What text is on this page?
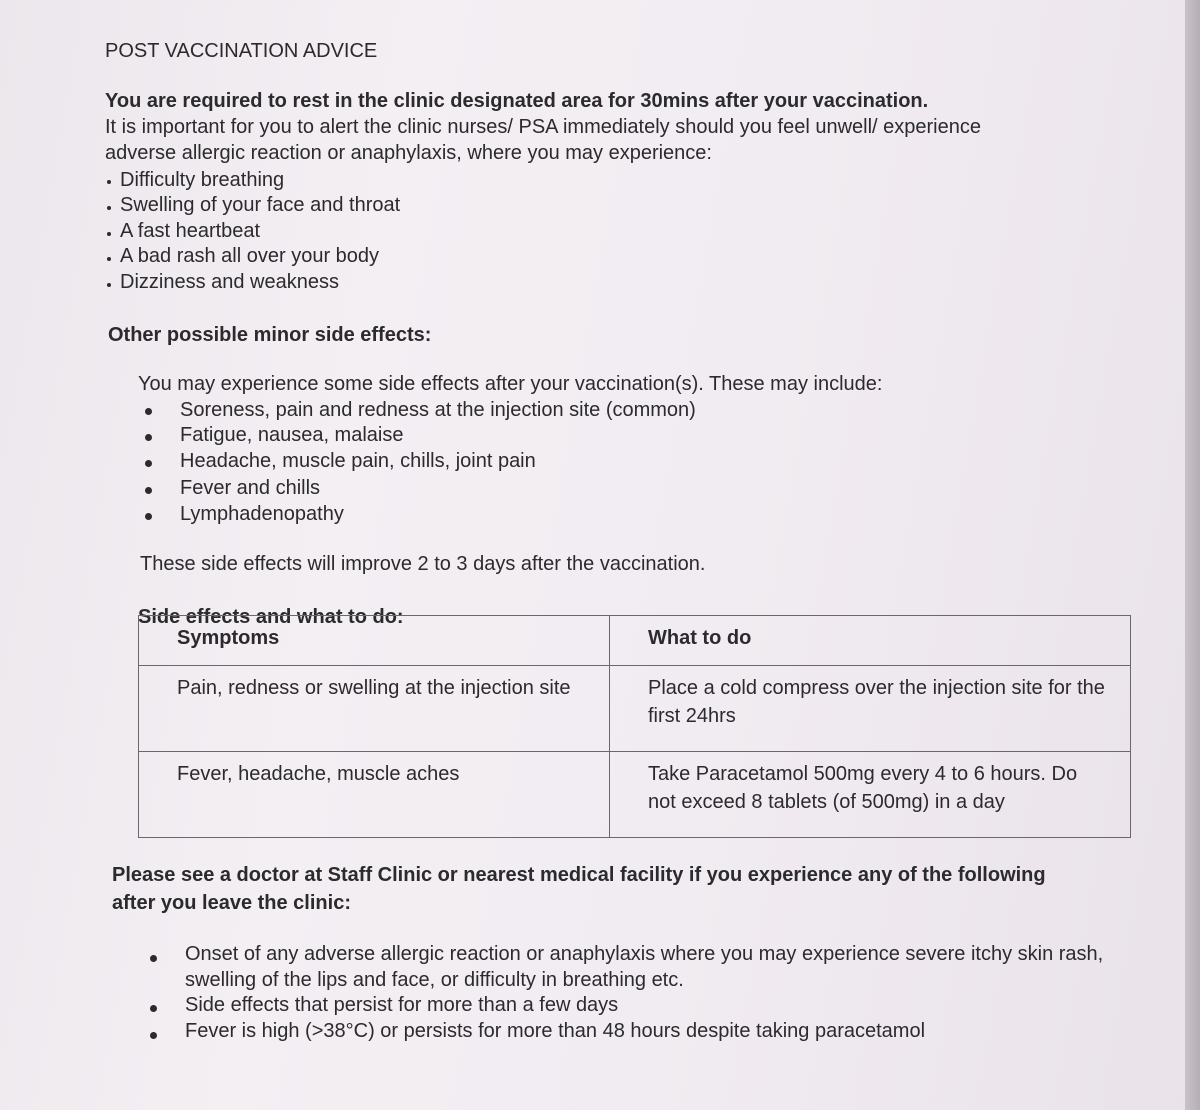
POST VACCINATION ADVICE
You are required to rest in the clinic designated area for 30mins after your vaccination.
It is important for you to alert the clinic nurses/ PSA immediately should you feel unwell/ experience
adverse allergic reaction or anaphylaxis, where you may experience:
Difficulty breathing
Swelling of your face and throat
A fast heartbeat
A bad rash all over your body
Dizziness and weakness
Other possible minor side effects:
You may experience some side effects after your vaccination(s). These may include:
Soreness, pain and redness at the injection site (common)
Fatigue, nausea, malaise
Headache, muscle pain, chills, joint pain
Fever and chills
Lymphadenopathy
These side effects will improve 2 to 3 days after the vaccination.
Side effects and what to do:
Symptoms	What to do
Pain, redness or swelling at the injection site	Place a cold compress over the injection site for the first 24hrs
Fever, headache, muscle aches	Take Paracetamol 500mg every 4 to 6 hours. Do not exceed 8 tablets (of 500mg) in a day
Please see a doctor at Staff Clinic or nearest medical facility if you experience any of the following
after you leave the clinic:
Onset of any adverse allergic reaction or anaphylaxis where you may experience severe itchy skin rash, swelling of the lips and face, or difficulty in breathing etc.
Side effects that persist for more than a few days
Fever is high (>38°C) or persists for more than 48 hours despite taking paracetamol
